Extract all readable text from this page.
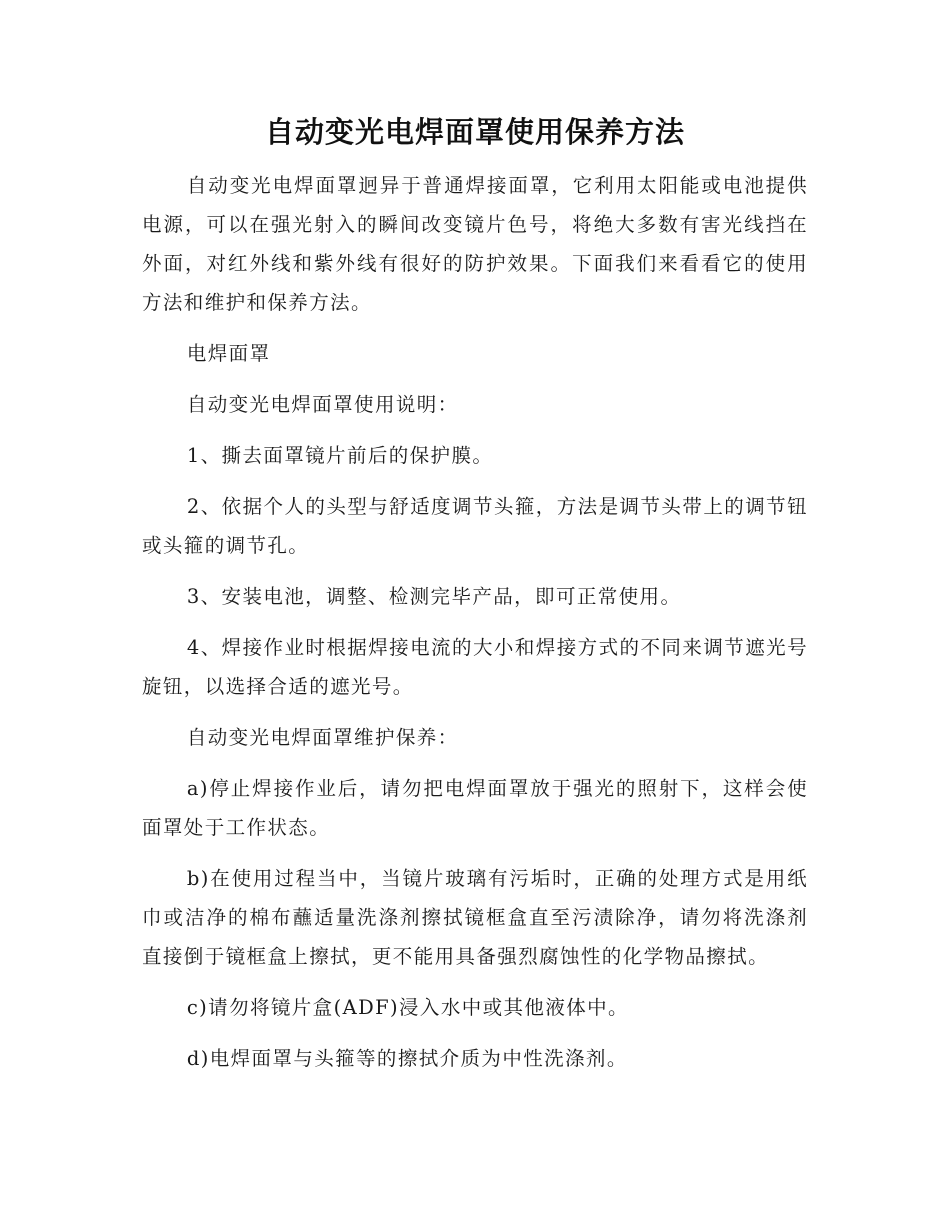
自动变光电焊面罩使用保养方法

自动变光电焊面罩迥异于普通焊接面罩，它利用太阳能或电池提供电源，可以在强光射入的瞬间改变镜片色号，将绝大多数有害光线挡在外面，对红外线和紫外线有很好的防护效果。下面我们来看看它的使用方法和维护和保养方法。

电焊面罩

自动变光电焊面罩使用说明：

1、撕去面罩镜片前后的保护膜。

2、依据个人的头型与舒适度调节头箍，方法是调节头带上的调节钮或头箍的调节孔。

3、安装电池，调整、检测完毕产品，即可正常使用。

4、焊接作业时根据焊接电流的大小和焊接方式的不同来调节遮光号旋钮，以选择合适的遮光号。

自动变光电焊面罩维护保养：

a)停止焊接作业后，请勿把电焊面罩放于强光的照射下，这样会使面罩处于工作状态。

b)在使用过程当中，当镜片玻璃有污垢时，正确的处理方式是用纸巾或洁净的棉布蘸适量洗涤剂擦拭镜框盒直至污渍除净，请勿将洗涤剂直接倒于镜框盒上擦拭，更不能用具备强烈腐蚀性的化学物品擦拭。

c)请勿将镜片盒(ADF)浸入水中或其他液体中。

d)电焊面罩与头箍等的擦拭介质为中性洗涤剂。
